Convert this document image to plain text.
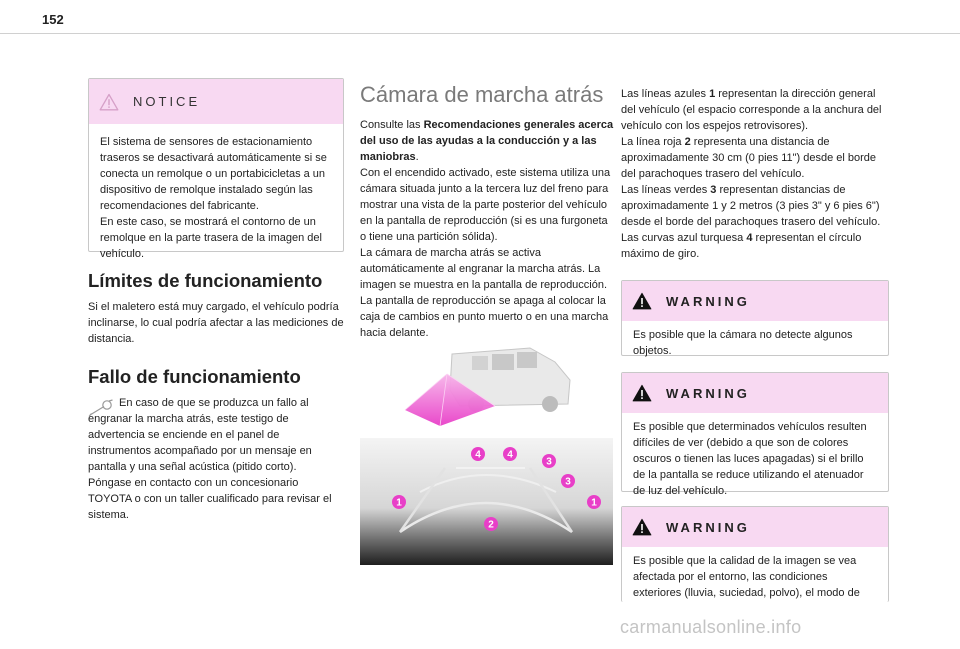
152
NOTICE
El sistema de sensores de estacionamiento traseros se desactivará automáticamente si se conecta un remolque o un portabicicletas a un dispositivo de remolque instalado según las recomendaciones del fabricante.
En este caso, se mostrará el contorno de un remolque en la parte trasera de la imagen del vehículo.
Límites de funcionamiento

Si el maletero está muy cargado, el vehículo podría inclinarse, lo cual podría afectar a las mediciones de distancia.

Fallo de funcionamiento

En caso de que se produzca un fallo al engranar la marcha atrás, este testigo de advertencia se enciende en el panel de instrumentos acompañado por un mensaje en pantalla y una señal acústica (pitido corto).

Póngase en contacto con un concesionario TOYOTA o con un taller cualificado para revisar el sistema.

Cámara de marcha atrás

Consulte las Recomendaciones generales acerca del uso de las ayudas a la conducción y a las maniobras.

Con el encendido activado, este sistema utiliza una cámara situada junto a la tercera luz del freno para mostrar una vista de la parte posterior del vehículo en la pantalla de reproducción (si es una furgoneta o tiene una partición sólida).

La cámara de marcha atrás se activa automáticamente al engranar la marcha atrás. La imagen se muestra en la pantalla de reproducción.

La pantalla de reproducción se apaga al colocar la caja de cambios en punto muerto o en una marcha hacia delante.

1	1
2
3
3
4	4

Las líneas azules 1 representan la dirección general del vehículo (el espacio corresponde a la anchura del vehículo con los espejos retrovisores).

La línea roja 2 representa una distancia de aproximadamente 30 cm (0 pies 11") desde el borde del parachoques trasero del vehículo.

Las líneas verdes 3 representan distancias de aproximadamente 1 y 2 metros (3 pies 3" y 6 pies 6") desde el borde del parachoques trasero del vehículo.

Las curvas azul turquesa 4 representan el círculo máximo de giro.

WARNING
Es posible que la cámara no detecte algunos objetos.
WARNING
Es posible que determinados vehículos resulten difíciles de ver (debido a que son de colores oscuros o tienen las luces apagadas) si el brillo de la pantalla se reduce utilizando el atenuador de luz del vehículo.
WARNING
Es posible que la calidad de la imagen se vea afectada por el entorno, las condiciones exteriores (lluvia, suciedad, polvo), el modo de
carmanualsonline.info
